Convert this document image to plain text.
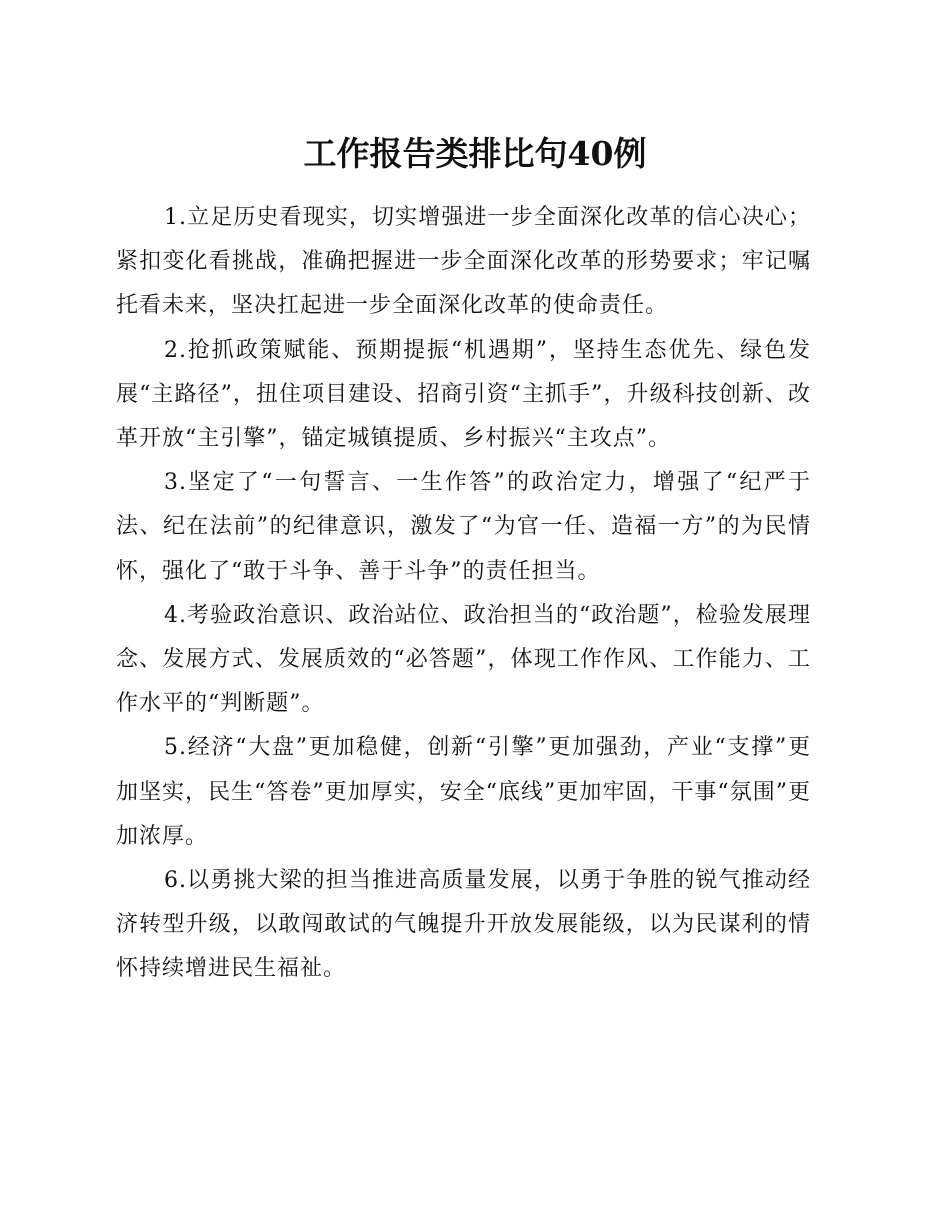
工作报告类排比句40例

1.立足历史看现实，切实增强进一步全面深化改革的信心决心；紧扣变化看挑战，准确把握进一步全面深化改革的形势要求；牢记嘱托看未来，坚决扛起进一步全面深化改革的使命责任。

2.抢抓政策赋能、预期提振“机遇期”，坚持生态优先、绿色发展“主路径”，扭住项目建设、招商引资“主抓手”，升级科技创新、改革开放“主引擎”，锚定城镇提质、乡村振兴“主攻点”。

3.坚定了“一句誓言、一生作答”的政治定力，增强了“纪严于法、纪在法前”的纪律意识，激发了“为官一任、造福一方”的为民情怀，强化了“敢于斗争、善于斗争”的责任担当。

4.考验政治意识、政治站位、政治担当的“政治题”，检验发展理念、发展方式、发展质效的“必答题”，体现工作作风、工作能力、工作水平的“判断题”。

5.经济“大盘”更加稳健，创新“引擎”更加强劲，产业“支撑”更加坚实，民生“答卷”更加厚实，安全“底线”更加牢固，干事“氛围”更加浓厚。

6.以勇挑大梁的担当推进高质量发展，以勇于争胜的锐气推动经济转型升级，以敢闯敢试的气魄提升开放发展能级，以为民谋利的情怀持续增进民生福祉。
